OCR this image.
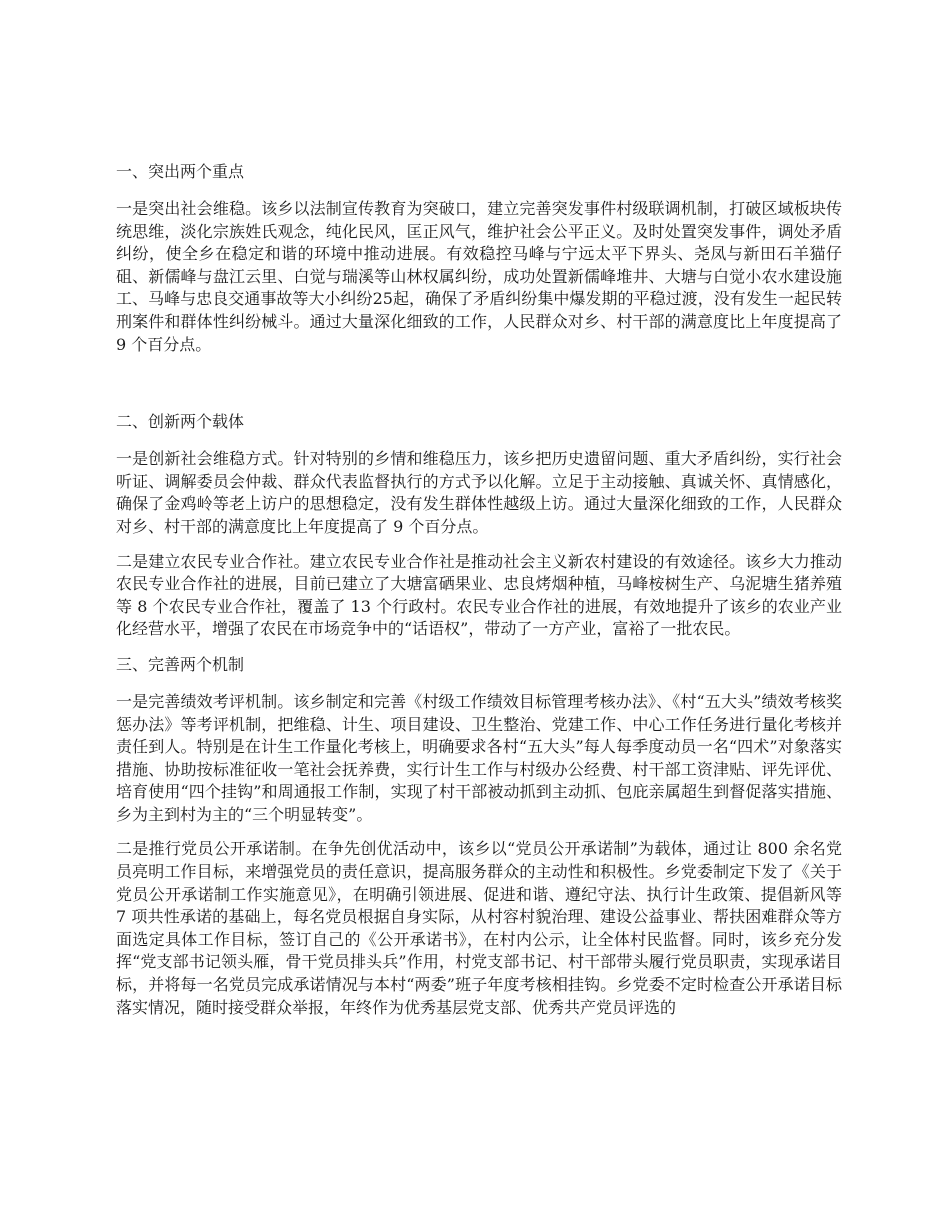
一、突出两个重点

一是突出社会维稳。该乡以法制宣传教育为突破口，建立完善突发事件村级联调机制，打破区域板块传统思维，淡化宗族姓氏观念，纯化民风，匡正风气，维护社会公平正义。及时处置突发事件，调处矛盾纠纷，使全乡在稳定和谐的环境中推动进展。有效稳控马峰与宁远太平下界头、尧凤与新田石羊猫仔砠、新儒峰与盘江云里、白觉与瑞溪等山林权属纠纷，成功处置新儒峰堆井、大塘与白觉小农水建设施工、马峰与忠良交通事故等大小纠纷25起，确保了矛盾纠纷集中爆发期的平稳过渡，没有发生一起民转刑案件和群体性纠纷械斗。通过大量深化细致的工作，人民群众对乡、村干部的满意度比上年度提高了 9 个百分点。

二、创新两个载体

一是创新社会维稳方式。针对特别的乡情和维稳压力，该乡把历史遗留问题、重大矛盾纠纷，实行社会听证、调解委员会仲裁、群众代表监督执行的方式予以化解。立足于主动接触、真诚关怀、真情感化，确保了金鸡岭等老上访户的思想稳定，没有发生群体性越级上访。通过大量深化细致的工作，人民群众对乡、村干部的满意度比上年度提高了 9 个百分点。

二是建立农民专业合作社。建立农民专业合作社是推动社会主义新农村建设的有效途径。该乡大力推动农民专业合作社的进展，目前已建立了大塘富硒果业、忠良烤烟种植，马峰桉树生产、乌泥塘生猪养殖等 8 个农民专业合作社，覆盖了 13 个行政村。农民专业合作社的进展，有效地提升了该乡的农业产业化经营水平，增强了农民在市场竞争中的“话语权”，带动了一方产业，富裕了一批农民。

三、完善两个机制

一是完善绩效考评机制。该乡制定和完善《村级工作绩效目标管理考核办法》、《村“五大头”绩效考核奖惩办法》等考评机制，把维稳、计生、项目建设、卫生整治、党建工作、中心工作任务进行量化考核并责任到人。特别是在计生工作量化考核上，明确要求各村“五大头”每人每季度动员一名“四术”对象落实措施、协助按标准征收一笔社会抚养费，实行计生工作与村级办公经费、村干部工资津贴、评先评优、培育使用“四个挂钩”和周通报工作制，实现了村干部被动抓到主动抓、包庇亲属超生到督促落实措施、乡为主到村为主的“三个明显转变”。

二是推行党员公开承诺制。在争先创优活动中，该乡以“党员公开承诺制”为载体，通过让 800 余名党员亮明工作目标，来增强党员的责任意识，提高服务群众的主动性和积极性。乡党委制定下发了《关于党员公开承诺制工作实施意见》，在明确引领进展、促进和谐、遵纪守法、执行计生政策、提倡新风等 7 项共性承诺的基础上，每名党员根据自身实际，从村容村貌治理、建设公益事业、帮扶困难群众等方面选定具体工作目标，签订自己的《公开承诺书》，在村内公示，让全体村民监督。同时，该乡充分发挥“党支部书记领头雁，骨干党员排头兵”作用，村党支部书记、村干部带头履行党员职责，实现承诺目标，并将每一名党员完成承诺情况与本村“两委”班子年度考核相挂钩。乡党委不定时检查公开承诺目标落实情况，随时接受群众举报，年终作为优秀基层党支部、优秀共产党员评选的
